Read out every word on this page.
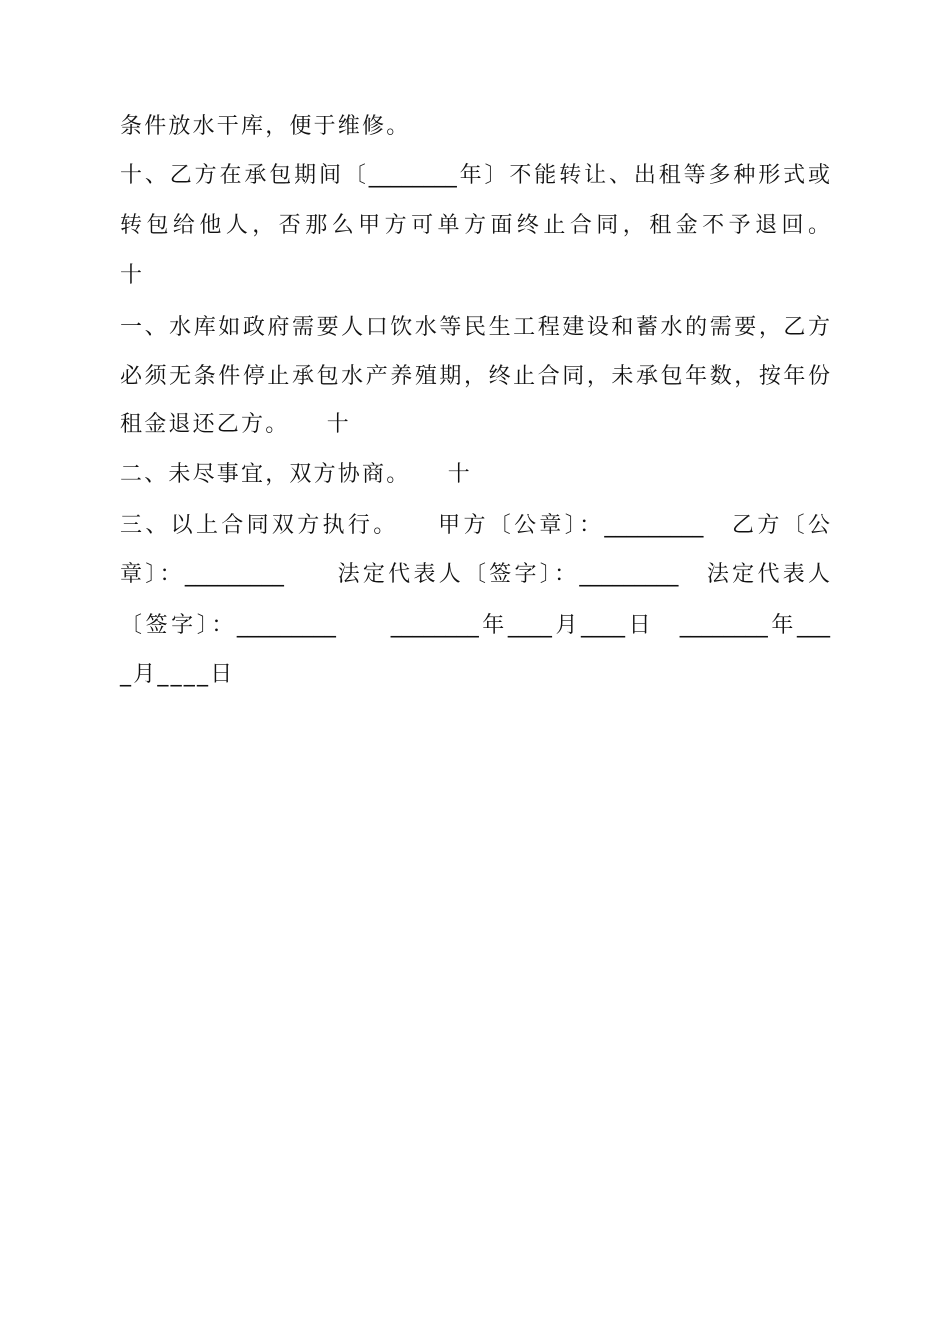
条件放水干库，便于维修。
十、乙方在承包期间〔________年〕不能转让、出租等多种形式或
转包给他人，否那么甲方可单方面终止合同，租金不予退回。
十
一、水库如政府需要人口饮水等民生工程建设和蓄水的需要，乙方
必须无条件停止承包水产养殖期，终止合同，未承包年数，按年份
租金退还乙方。　　十
二、未尽事宜，双方协商。　　十
三、以上合同双方执行。　　甲方〔公章〕：_________　乙方〔公
章〕：_________　　法定代表人〔签字〕：_________　法定代表人
〔签字〕：_________　　________年____月____日　________年___
_月____日
